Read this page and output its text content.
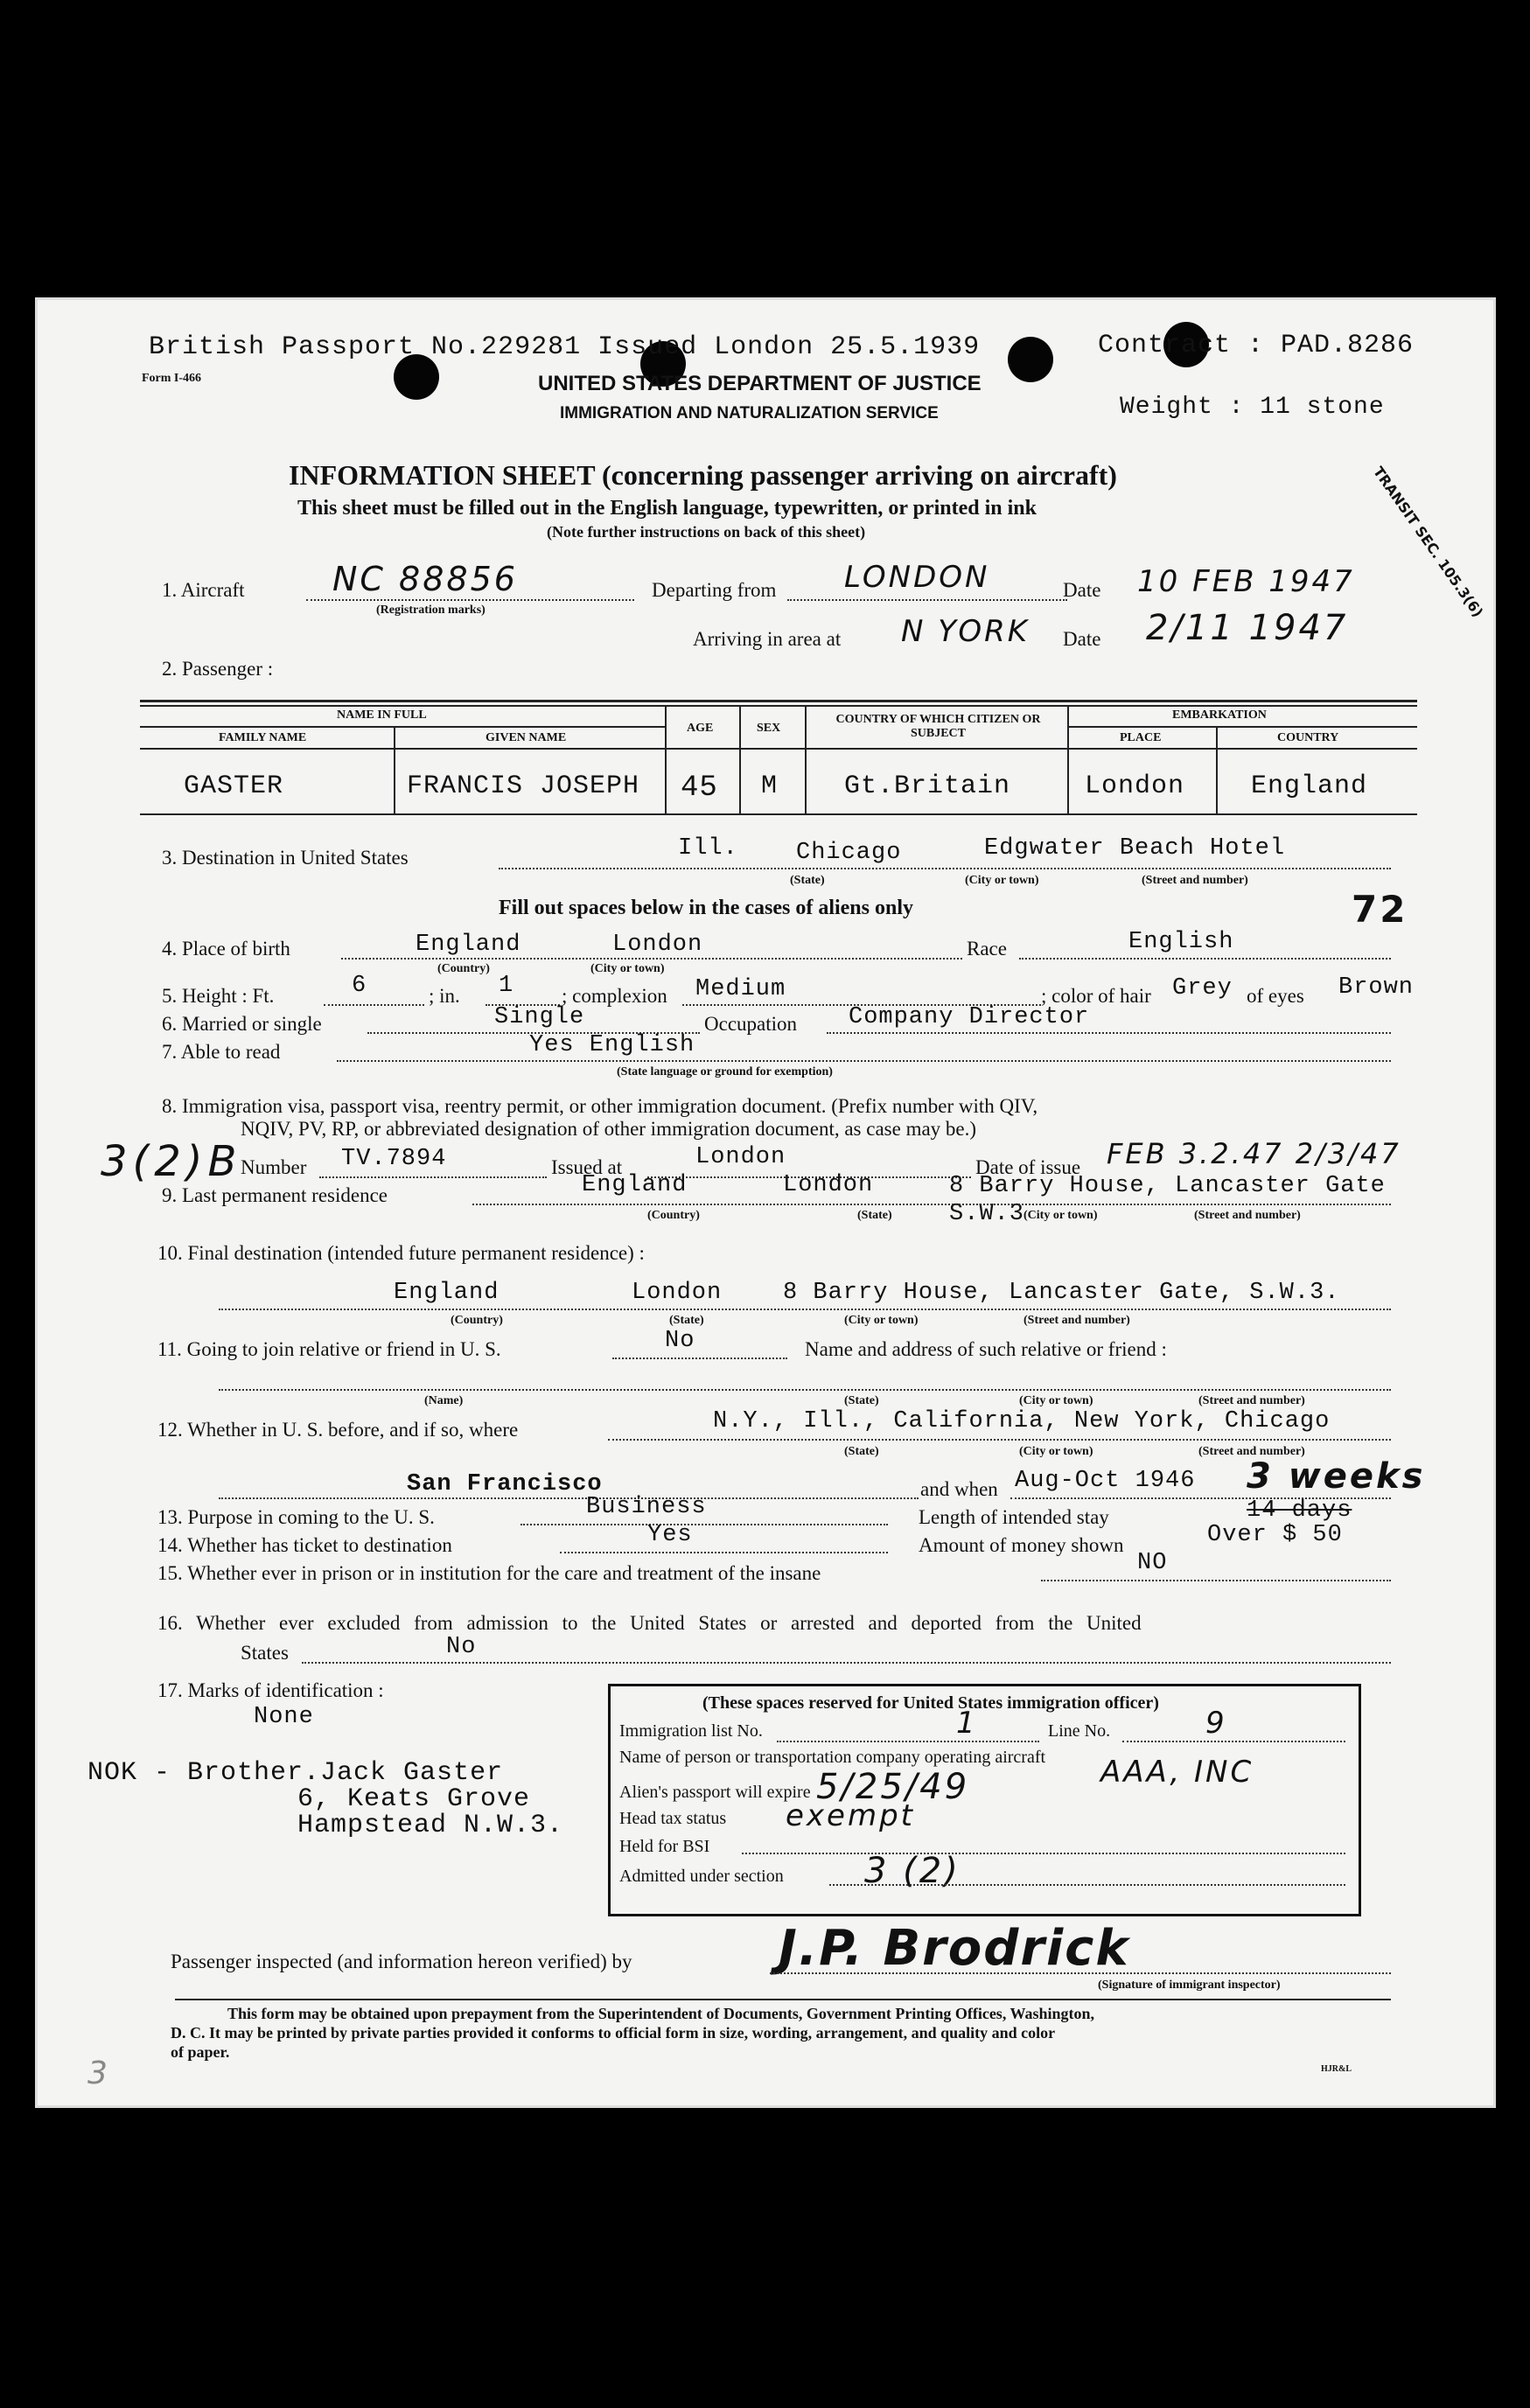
British Passport No.229281 Issued London 25.5.1939	Contract : PAD.8286
Weight : 11 stone
Form I-466	UNITED STATES DEPARTMENT OF JUSTICE
IMMIGRATION AND NATURALIZATION SERVICE
INFORMATION SHEET (concerning passenger arriving on aircraft)
This sheet must be filled out in the English language, typewritten, or printed in ink
(Note further instructions on back of this sheet)	TRANSIT SEC. 105.3(6)
1. Aircraft	NC 88856
(Registration marks)
Departing from LONDON	Date 10 FEB 1947
Arriving in area at N YORK Date 2/11 1947
2. Passenger :
NAME IN FULL
FAMILY NAME	GIVEN NAME
AGE	SEX
COUNTRY OF WHICH CITIZEN OR SUBJECT
EMBARKATION
PLACE	COUNTRY
GASTER	FRANCIS JOSEPH 45 M	Gt.Britain	London	England
3. Destination in United States	Ill. Chicago	Edgwater Beach Hotel
(State)	(City or town)	(Street and number)
Fill out spaces below in the cases of aliens only	72
4. Place of birth	England	London
(Country)	(City or town)
Race	English
5. Height : Ft.	6	; in. 1 ; complexion Medium	; color of hair Grey of eyes Brown
6. Married or single	Single	Occupation Company Director
7. Able to read	Yes English
(State language or ground for exemption)
8. Immigration visa, passport visa, reentry permit, or other immigration document. (Prefix number with QIV,
NQIV, PV, RP, or abbreviated designation of other immigration document, as case may be.)
3(2)B
Number TV.7894	Issued at	London	Date of issue FEB 3.2.47 2/3/47
9. Last permanent residence	England	London	8 Barry House, Lancaster Gate S.W.3
(Country)	(State)	(City or town)	(Street and number)
10. Final destination (intended future permanent residence) :
England	London	8 Barry House, Lancaster Gate, S.W.3.
(Country)	(State)	(City or town)	(Street and number)
11. Going to join relative or friend in U. S.	No	Name and address of such relative or friend :
(Name)	(State)	(City or town)	(Street and number)
12. Whether in U. S. before, and if so, where	N.Y., Ill., California, New York, Chicago
(State)	(City or town)	(Street and number)
San Francisco	and when Aug-Oct 1946
13. Purpose in coming to the U. S.	Business	Length of intended stay	14 days
3 weeks
14. Whether has ticket to destination	Yes	Amount of money shown	Over $ 50
15. Whether ever in prison or in institution for the care and treatment of the insane	NO
16. Whether ever excluded from admission to the United States or arrested and deported from the United
States	No
17. Marks of identification :
None
NOK - Brother.Jack Gaster
6, Keats Grove
Hampstead N.W.3.
(These spaces reserved for United States immigration officer)
Immigration list No.	1	Line No.	9
Name of person or transportation company operating aircraft AAA, INC
Alien's passport will expire 5/25/49
Head tax status exempt
Held for BSI
Admitted under section 3 (2)
Passenger inspected (and information hereon verified) by	J.P. Brodrick
(Signature of immigrant inspector)
This form may be obtained upon prepayment from the Superintendent of Documents, Government Printing Offices, Washington,
D. C. It may be printed by private parties provided it conforms to official form in size, wording, arrangement, and quality and color
of paper.
HJR&L
3
